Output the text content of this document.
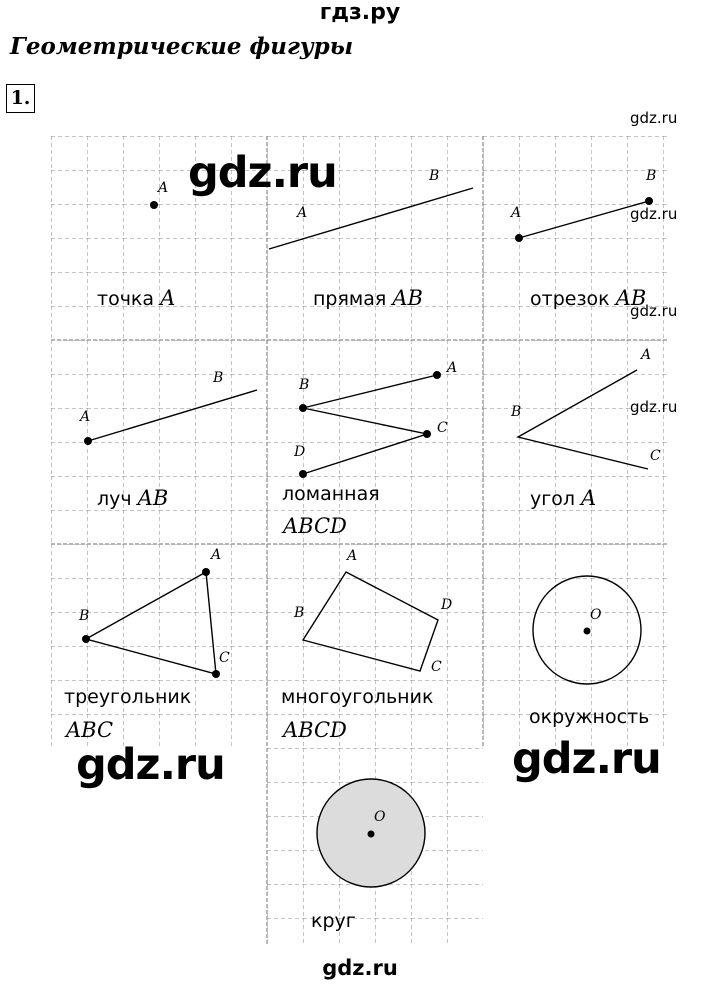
гдз.ру
Геометрические фигуры
1.
A
точка A
A
B
прямая AB
A
B
отрезок AB
A
B
луч AB
A
B
C
D
ломанная
ABCD
A
B
C
угол A
A
B
C
треугольник
ABC
A
B
C
D
многоугольник
ABCD
O
окружность
O
круг
gdz.ru
gdz.ru	gdz.ru
gdz.ru
gdz.ru
gdz.ru
gdz.ru
gdz.ru
